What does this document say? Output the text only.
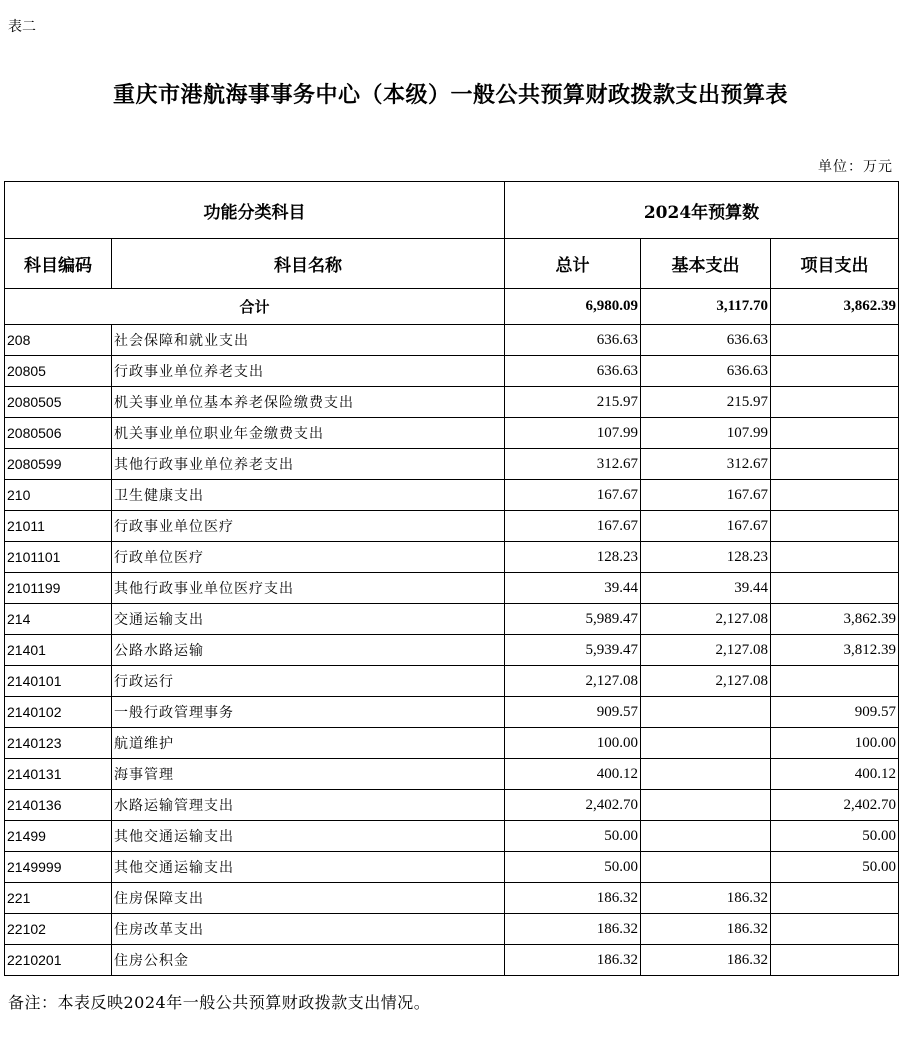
表二
重庆市港航海事事务中心（本级）一般公共预算财政拨款支出预算表
单位：万元
功能分类科目		2024年预算数		
科目编码	科目名称	总计	基本支出	项目支出
合计		6,980.09	3,117.70	3,862.39
208	社会保障和就业支出	636.63	636.63	
20805	行政事业单位养老支出	636.63	636.63	
2080505	机关事业单位基本养老保险缴费支出	215.97	215.97	
2080506	机关事业单位职业年金缴费支出	107.99	107.99	
2080599	其他行政事业单位养老支出	312.67	312.67	
210	卫生健康支出	167.67	167.67	
21011	行政事业单位医疗	167.67	167.67	
2101101	行政单位医疗	128.23	128.23	
2101199	其他行政事业单位医疗支出	39.44	39.44	
214	交通运输支出	5,989.47	2,127.08	3,862.39
21401	公路水路运输	5,939.47	2,127.08	3,812.39
2140101	行政运行	2,127.08	2,127.08	
2140102	一般行政管理事务	909.57		909.57
2140123	航道维护	100.00		100.00
2140131	海事管理	400.12		400.12
2140136	水路运输管理支出	2,402.70		2,402.70
21499	其他交通运输支出	50.00		50.00
2149999	其他交通运输支出	50.00		50.00
221	住房保障支出	186.32	186.32	
22102	住房改革支出	186.32	186.32	
2210201	住房公积金	186.32	186.32	
备注：本表反映2024年一般公共预算财政拨款支出情况。
